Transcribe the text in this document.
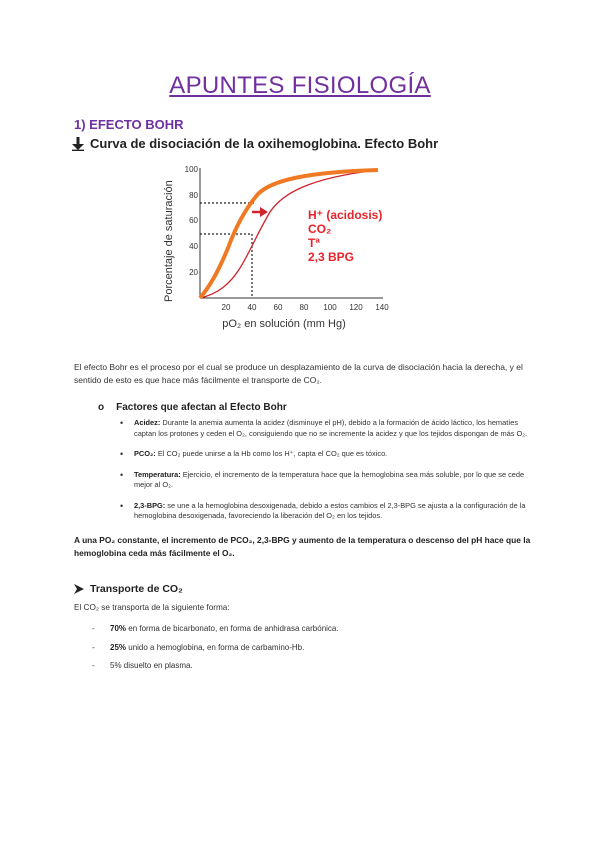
APUNTES FISIOLOGÍA
1) EFECTO BOHR
Curva de disociación de la oxihemoglobina. Efecto Bohr
Porcentaje de saturación
100
80
60
40
20
20 40 60 80 100 120 140
pO₂ en solución (mm Hg)
H⁺ (acidosis)
CO₂
Tª
2,3 BPG
El efecto Bohr es el proceso por el cual se produce un desplazamiento de la curva de disociación hacia la derecha, y el sentido de esto es que hace más fácilmente el transporte de CO₂.
o Factores que afectan al Efecto Bohr
• Acidez: Durante la anemia aumenta la acidez (disminuye el pH), debido a la formación de ácido láctico, los hematíes captan los protones y ceden el O₂, consiguiendo que no se incremente la acidez y que los tejidos dispongan de más O₂.
• PCO₂: El CO₂ puede unirse a la Hb como los H⁺, capta el CO₂ que es tóxico.
• Temperatura: Ejercicio, el incremento de la temperatura hace que la hemoglobina sea más soluble, por lo que se cede mejor al O₂.
• 2,3-BPG: se une a la hemoglobina desoxigenada, debido a estos cambios el 2,3-BPG se ajusta a la configuración de la hemoglobina desoxigenada, favoreciendo la liberación del O₂ en los tejidos.
A una PO₂ constante, el incremento de PCO₂, 2,3-BPG y aumento de la temperatura o descenso del pH hace que la hemoglobina ceda más fácilmente el O₂.
Transporte de CO₂
El CO₂ se transporta de la siguiente forma:
- 70% en forma de bicarbonato, en forma de anhidrasa carbónica.
- 25% unido a hemoglobina, en forma de carbamino-Hb.
- 5% disuelto en plasma.
